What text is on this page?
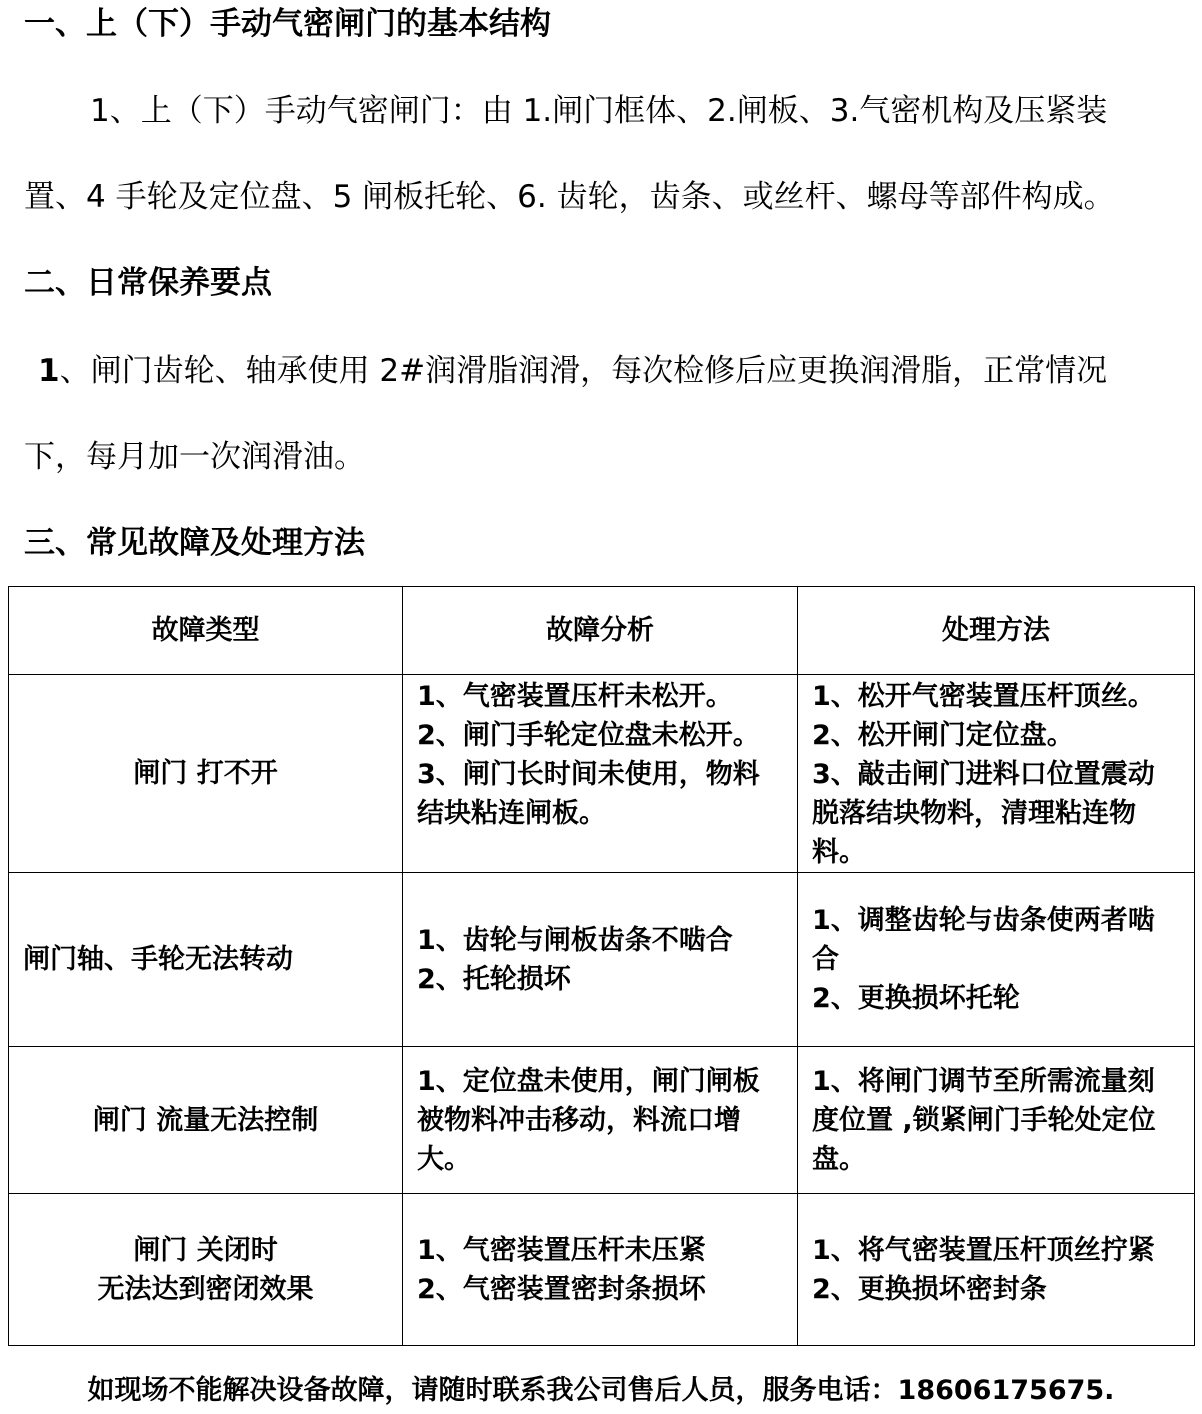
一、上（下）手动气密闸门的基本结构

1、上（下）手动气密闸门：由 1.闸门框体、2.闸板、3.气密机构及压紧装

置、4 手轮及定位盘、5 闸板托轮、6. 齿轮，齿条、或丝杆、螺母等部件构成。

二、日常保养要点

1、闸门齿轮、轴承使用 2#润滑脂润滑，每次检修后应更换润滑脂，正常情况

下，每月加一次润滑油。

三、常见故障及处理方法
故障类型	故障分析	处理方法

闸门 打不开	1、气密装置压杆未松开。
2、闸门手轮定位盘未松开。
3、闸门长时间未使用，物料
结块粘连闸板。	1、松开气密装置压杆顶丝。
2、松开闸门定位盘。
3、敲击闸门进料口位置震动
脱落结块物料，清理粘连物
料。

闸门轴、手轮无法转动	1、齿轮与闸板齿条不啮合
2、托轮损坏	1、调整齿轮与齿条使两者啮
合
2、更换损坏托轮

闸门 流量无法控制	1、定位盘未使用，闸门闸板
被物料冲击移动，料流口增
大。	1、将闸门调节至所需流量刻
度位置 ,锁紧闸门手轮处定位
盘。

闸门 关闭时
无法达到密闭效果	1、气密装置压杆未压紧
2、气密装置密封条损坏	1、将气密装置压杆顶丝拧紧
2、更换损坏密封条

如现场不能解决设备故障，请随时联系我公司售后人员，服务电话：18606175675.
